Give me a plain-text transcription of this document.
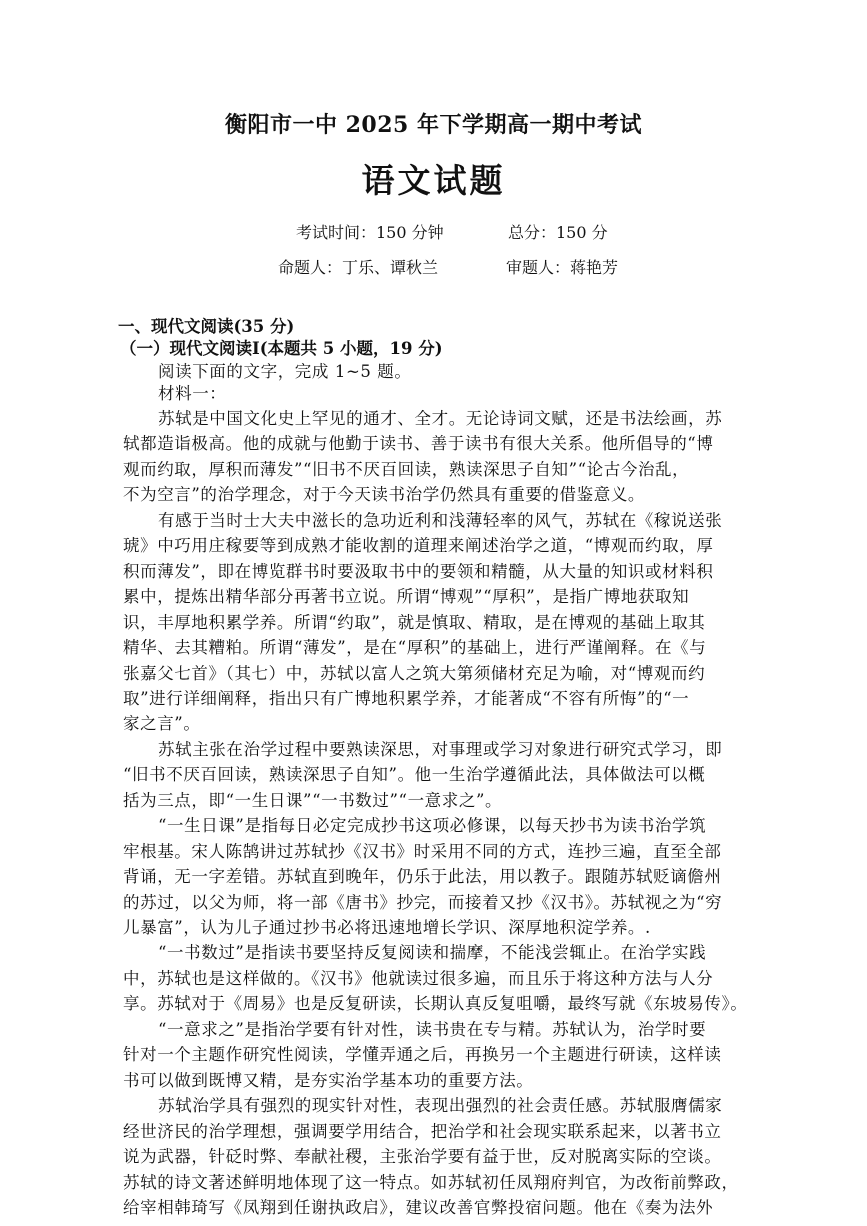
衡阳市一中 2025 年下学期高一期中考试
语文试题
考试时间：150 分钟	总分：150 分
命题人：丁乐、谭秋兰	审题人：蒋艳芳
一、现代文阅读(35 分)
（一）现代文阅读Ⅰ(本题共 5 小题，19 分)
阅读下面的文字，完成 1~5 题。
材料一：
苏轼是中国文化史上罕见的通才、全才。无论诗词文赋，还是书法绘画，苏
轼都造诣极高。他的成就与他勤于读书、善于读书有很大关系。他所倡导的“博
观而约取，厚积而薄发”“旧书不厌百回读，熟读深思子自知”“论古今治乱，
不为空言”的治学理念，对于今天读书治学仍然具有重要的借鉴意义。
有感于当时士大夫中滋长的急功近利和浅薄轻率的风气，苏轼在《稼说送张
琥》中巧用庄稼要等到成熟才能收割的道理来阐述治学之道，“博观而约取，厚
积而薄发”，即在博览群书时要汲取书中的要领和精髓，从大量的知识或材料积
累中，提炼出精华部分再著书立说。所谓“博观”“厚积”，是指广博地获取知
识，丰厚地积累学养。所谓“约取”，就是慎取、精取，是在博观的基础上取其
精华、去其糟粕。所谓“薄发”，是在“厚积”的基础上，进行严谨阐释。在《与
张嘉父七首》（其七）中，苏轼以富人之筑大第须储材充足为喻，对“博观而约
取”进行详细阐释，指出只有广博地积累学养，才能著成“不容有所悔”的“一
家之言”。
苏轼主张在治学过程中要熟读深思，对事理或学习对象进行研究式学习，即
“旧书不厌百回读，熟读深思子自知”。他一生治学遵循此法，具体做法可以概
括为三点，即“一生日课”“一书数过”“一意求之”。
“一生日课”是指每日必定完成抄书这项必修课，以每天抄书为读书治学筑
牢根基。宋人陈鹄讲过苏轼抄《汉书》时采用不同的方式，连抄三遍，直至全部
背诵，无一字差错。苏轼直到晚年，仍乐于此法，用以教子。跟随苏轼贬谪儋州
的苏过，以父为师，将一部《唐书》抄完，而接着又抄《汉书》。苏轼视之为“穷
儿暴富”，认为儿子通过抄书必将迅速地增长学识、深厚地积淀学养。.
“一书数过”是指读书要坚持反复阅读和揣摩，不能浅尝辄止。在治学实践
中，苏轼也是这样做的。《汉书》他就读过很多遍，而且乐于将这种方法与人分
享。苏轼对于《周易》也是反复研读，长期认真反复咀嚼，最终写就《东坡易传》。
“一意求之”是指治学要有针对性，读书贵在专与精。苏轼认为，治学时要
针对一个主题作研究性阅读，学懂弄通之后，再换另一个主题进行研读，这样读
书可以做到既博又精，是夯实治学基本功的重要方法。
苏轼治学具有强烈的现实针对性，表现出强烈的社会责任感。苏轼服膺儒家
经世济民的治学理想，强调要学用结合，把治学和社会现实联系起来，以著书立
说为武器，针砭时弊、奉献社稷，主张治学要有益于世，反对脱离实际的空谈。
苏轼的诗文著述鲜明地体现了这一特点。如苏轼初任凤翔府判官，为改衔前弊政，
给宰相韩琦写《凤翔到任谢执政启》，建议改善官弊投宿问题。他在《奏为法外
